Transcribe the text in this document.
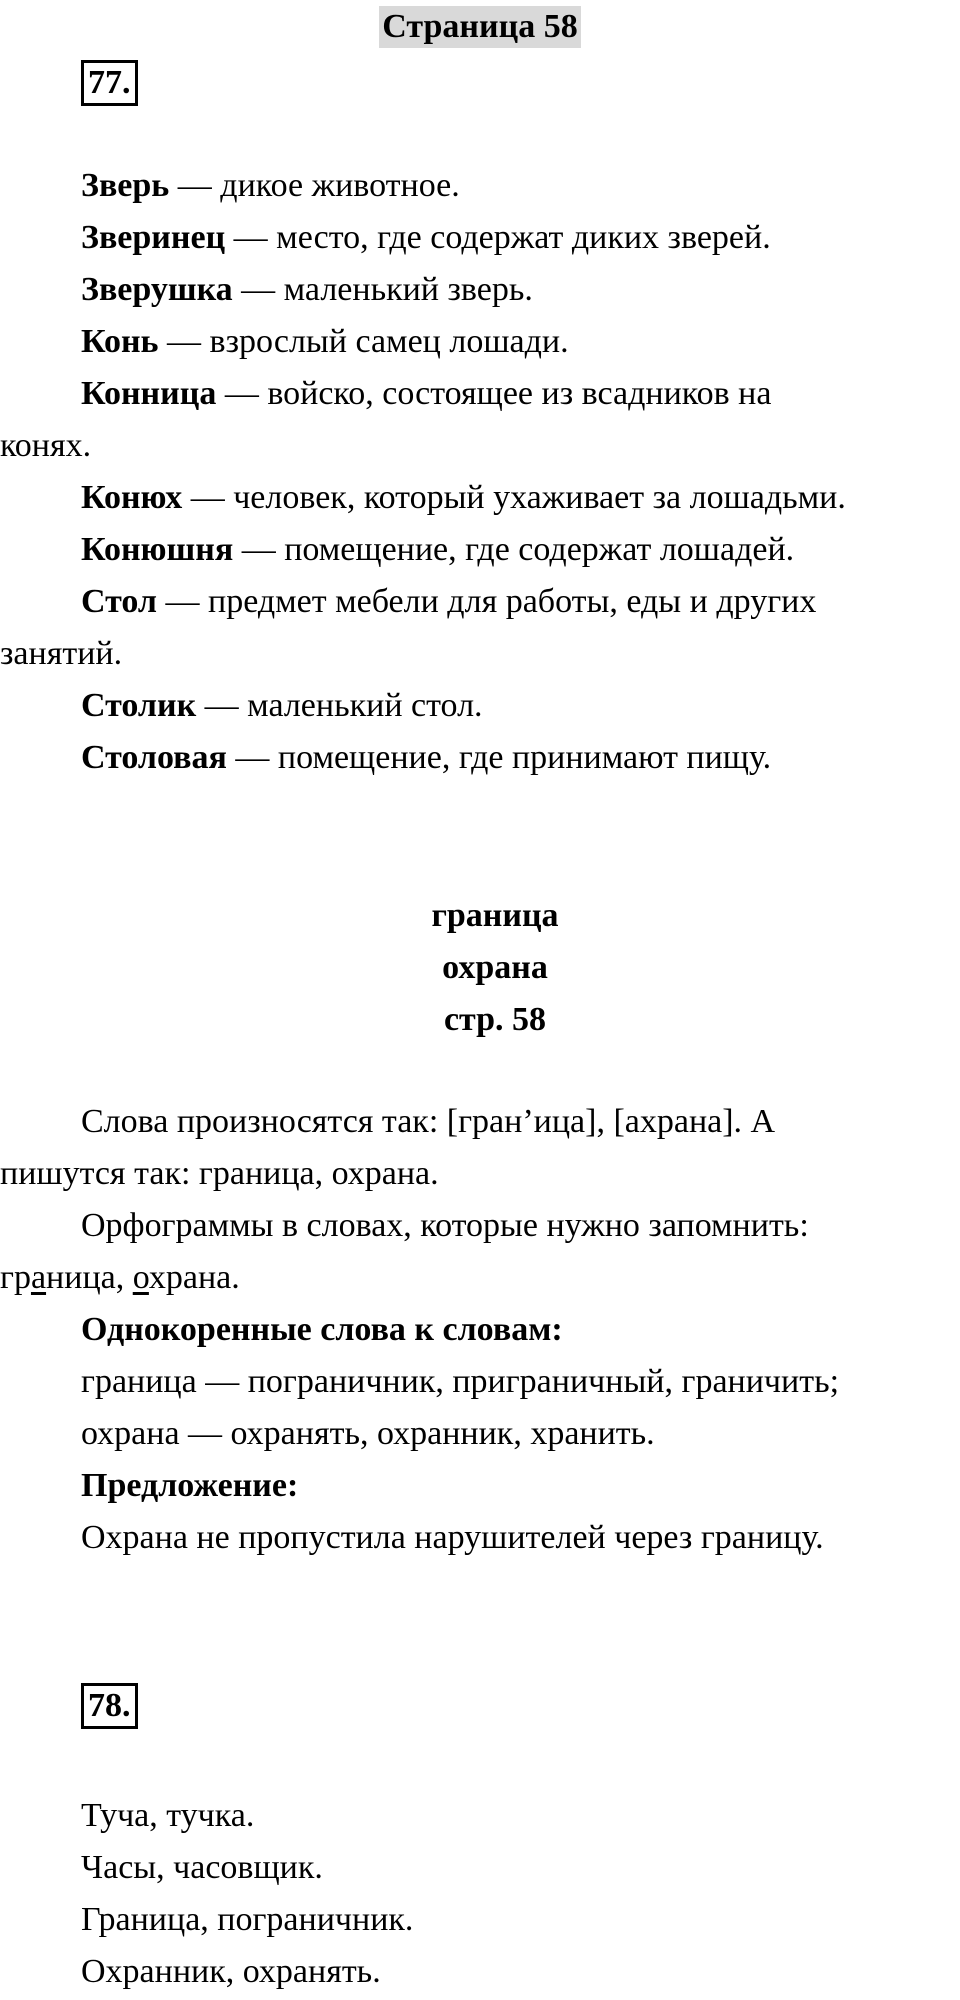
Страница 58
77.

Зверь — дикое животное.

Зверинец — место, где содержат диких зверей.

Зверушка — маленький зверь.

Конь — взрослый самец лошади.

Конница — войско, состоящее из всадников на

конях.

Конюх — человек, который ухаживает за лошадьми.

Конюшня — помещение, где содержат лошадей.

Стол — предмет мебели для работы, еды и других

занятий.

Столик — маленький стол.

Столовая — помещение, где принимают пищу.

граница

охрана

стр. 58

Слова произносятся так: [гран’ица], [ахрана]. А

пишутся так: граница, охрана.

Орфограммы в словах, которые нужно запомнить:

граница, охрана.

Однокоренные слова к словам:

граница — пограничник, приграничный, граничить;

охрана — охранять, охранник, хранить.

Предложение:

Охрана не пропустила нарушителей через границу.

78.

Туча, тучка.

Часы, часовщик.

Граница, пограничник.

Охранник, охранять.
